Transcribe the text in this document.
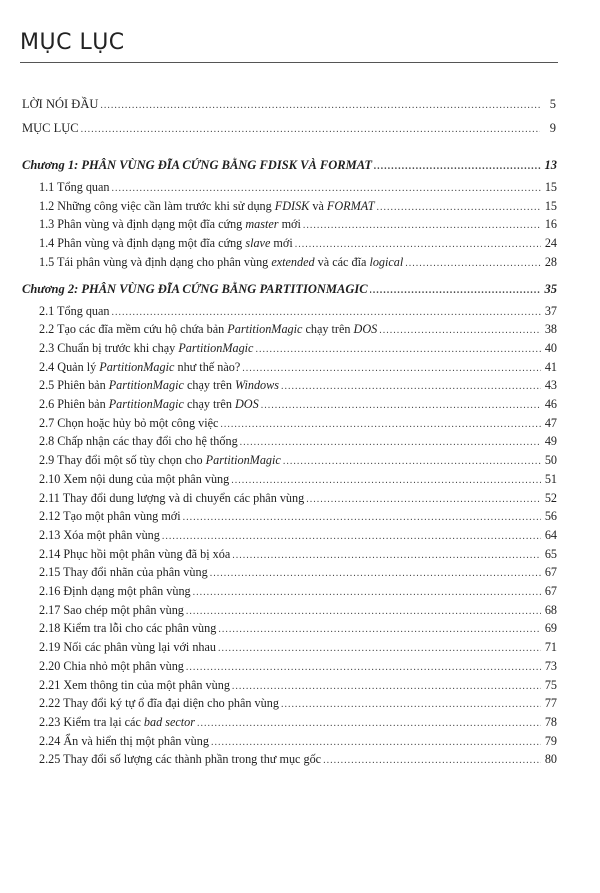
MỤC LỤC
LỜI NÓI ĐẦU .....	5
MỤC LỤC .....	9
Chương 1: PHÂN VÙNG ĐĨA CỨNG BẰNG FDISK VÀ FORMAT .....	13
1.1 Tổng quan .....	15
1.2 Những công việc cần làm trước khi sử dụng FDISK và FORMAT .....	15
1.3 Phân vùng và định dạng một đĩa cứng master mới .....	16
1.4 Phân vùng và định dạng một đĩa cứng slave mới .....	24
1.5 Tái phân vùng và định dạng cho phân vùng extended và các đĩa logical .....	28
Chương 2: PHÂN VÙNG ĐĨA CỨNG BẰNG PARTITIONMAGIC .....	35
2.1 Tổng quan .....	37
2.2 Tạo các đĩa mềm cứu hộ chứa bản PartitionMagic chạy trên DOS .....	38
2.3 Chuẩn bị trước khi chạy PartitionMagic .....	40
2.4 Quản lý PartitionMagic như thế nào? .....	41
2.5 Phiên bản PartitionMagic chạy trên Windows .....	43
2.6 Phiên bản PartitionMagic chạy trên DOS .....	46
2.7 Chọn hoặc hủy bỏ một công việc .....	47
2.8 Chấp nhận các thay đổi cho hệ thống .....	49
2.9 Thay đổi một số tùy chọn cho PartitionMagic .....	50
2.10 Xem nội dung của một phân vùng .....	51
2.11 Thay đổi dung lượng và di chuyển các phân vùng .....	52
2.12 Tạo một phân vùng mới .....	56
2.13 Xóa một phân vùng .....	64
2.14 Phục hồi một phân vùng đã bị xóa .....	65
2.15 Thay đổi nhãn của phân vùng .....	67
2.16 Định dạng một phân vùng .....	67
2.17 Sao chép một phân vùng .....	68
2.18 Kiểm tra lỗi cho các phân vùng .....	69
2.19 Nối các phân vùng lại với nhau .....	71
2.20 Chia nhỏ một phân vùng .....	73
2.21 Xem thông tin của một phân vùng .....	75
2.22 Thay đổi ký tự ổ đĩa đại diện cho phân vùng .....	77
2.23 Kiểm tra lại các bad sector .....	78
2.24 Ẩn và hiển thị một phân vùng .....	79
2.25 Thay đổi số lượng các thành phần trong thư mục gốc .....	80
